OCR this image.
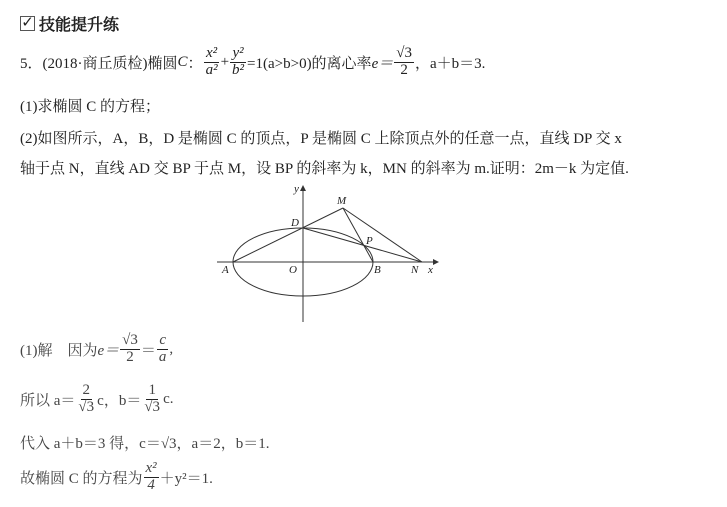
✓ 技能提升练
5． (2018·商丘质检) 椭圆 C ： $\frac{\text{x²}}{\text{a²}} + \frac{\text{y²}}{\text{b²}} =1(a>b>0)$的离心率 $e= \frac{√3}{2}$ ，a＋b＝3.
(1)求椭圆 C 的方程；
(2)如图所示，A，B，D 是椭圆 C 的顶点，P 是椭圆 C 上除顶点外的任意一点，直线 DP 交 x
轴于点 N，直线 AD 交 BP 于点 M，设 BP 的斜率为 k，MN 的斜率为 m.证明：2m－k 为定值.
y
x
M
D
P
A	O	B	N
(1)解　因为 $e= \frac{√3}{2} = \frac{c}{a}$ ,
所以 $a= \frac{2}{√3}$ c，$b= \frac{1}{√3} c$.
代入 a＋b＝3 得，c＝√3，a＝2，b＝1.
故椭圆 C 的方程为 $\frac{\text{x²}}{4} +y^2=1$.
